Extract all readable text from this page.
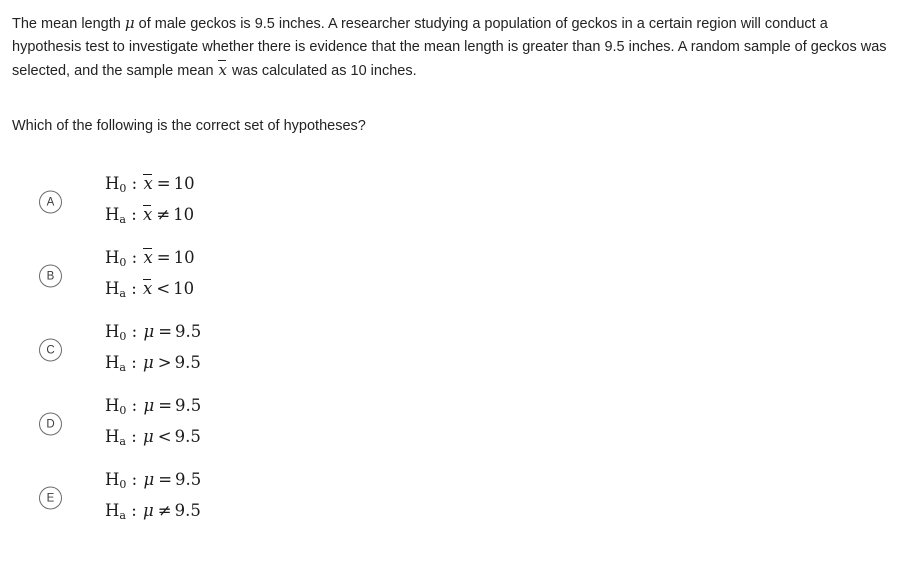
The mean length μ of male geckos is 9.5 inches. A researcher studying a population of geckos in a certain region will conduct a hypothesis test to investigate whether there is evidence that the mean length is greater than 9.5 inches. A random sample of geckos was selected, and the sample mean x was calculated as 10 inches.

Which of the following is the correct set of hypotheses?

A
$H_0$ : x = 10
$H_a$ : x ≠ 10
B
$H_0$ : x = 10
$H_a$ : x < 10
C
$H_0$ : μ = 9.5
$H_a$ : μ > 9.5
D
$H_0$ : μ = 9.5
$H_a$ : μ < 9.5
E
$H_0$ : μ = 9.5
$H_a$ : μ ≠ 9.5
